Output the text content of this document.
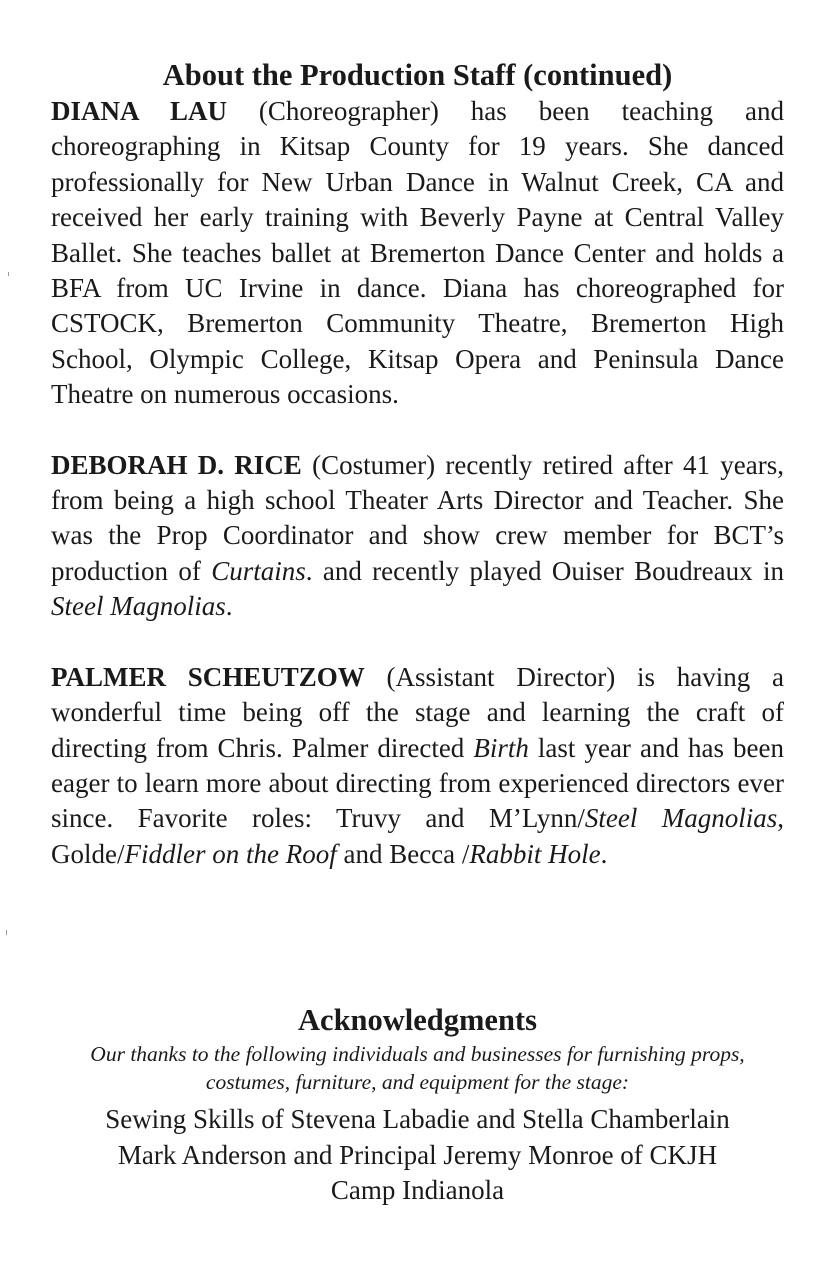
About the Production Staff (continued)

DIANA LAU (Choreographer) has been teaching and choreographing in Kitsap County for 19 years. She danced professionally for New Urban Dance in Walnut Creek, CA and received her early training with Beverly Payne at Central Valley Ballet. She teaches ballet at Bremerton Dance Center and holds a BFA from UC Irvine in dance. Diana has choreographed for CSTOCK, Bremerton Community Theatre, Bremerton High School, Olympic College, Kitsap Opera and Peninsula Dance Theatre on numerous occasions.

DEBORAH D. RICE (Costumer) recently retired after 41 years, from being a high school Theater Arts Director and Teacher. She was the Prop Coordinator and show crew member for BCT’s production of Curtains. and recently played Ouiser Boudreaux in Steel Magnolias.

PALMER SCHEUTZOW (Assistant Director) is having a wonderful time being off the stage and learning the craft of directing from Chris. Palmer directed Birth last year and has been eager to learn more about directing from experienced directors ever since. Favorite roles: Truvy and M’Lynn/Steel Magnolias, Golde/Fiddler on the Roof and Becca /Rabbit Hole.

Acknowledgments

Our thanks to the following individuals and businesses for furnishing props, costumes, furniture, and equipment for the stage:

Sewing Skills of Stevena Labadie and Stella Chamberlain

Mark Anderson and Principal Jeremy Monroe of CKJH

Camp Indianola
